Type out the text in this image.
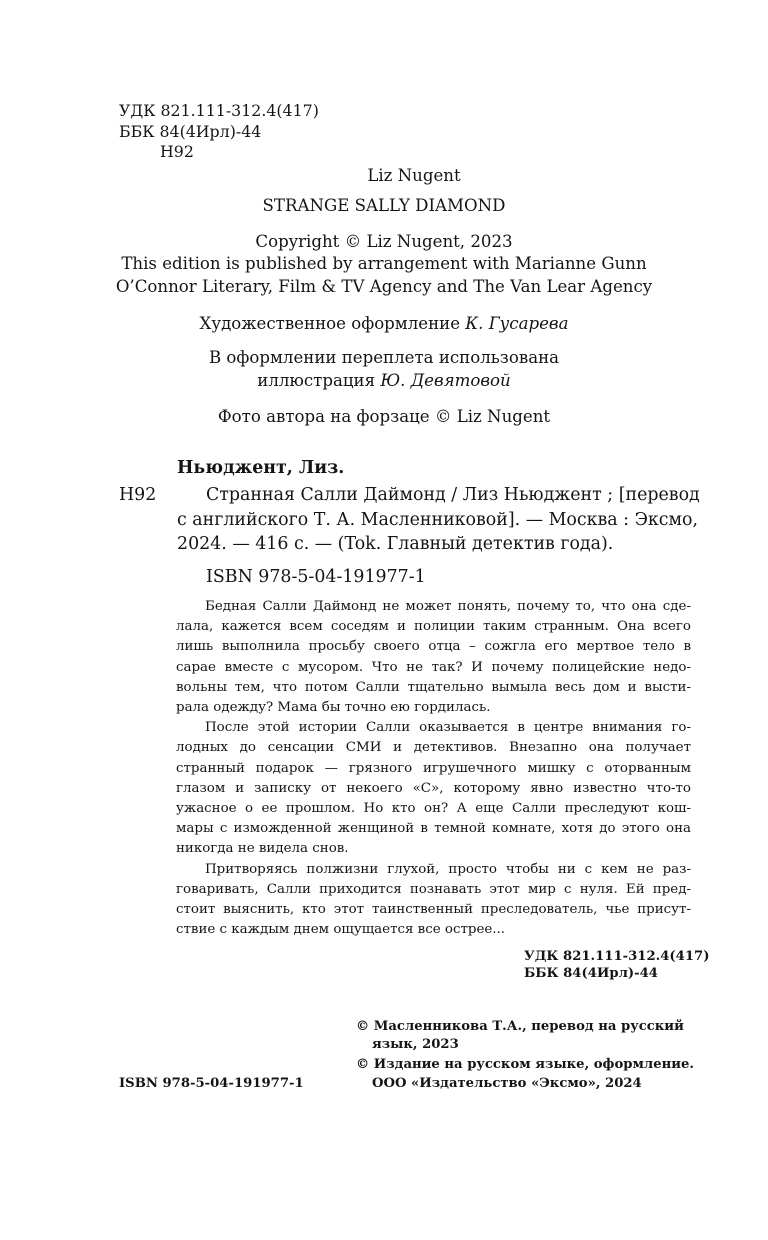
УДК 821.111-312.4(417)
ББК 84(4Ирл)-44
Н92
Liz Nugent
STRANGE SALLY DIAMOND
Copyright © Liz Nugent, 2023
This edition is published by arrangement with Marianne Gunn
O’Connor Literary, Film & TV Agency and The Van Lear Agency
Художественное оформление К. Гусарева
В оформлении переплета использована
иллюстрация Ю. Девятовой
Фото автора на форзаце © Liz Nugent
Ньюджент, Лиз.
Н92	Странная Салли Даймонд / Лиз Ньюджент ; [перевод
с английского Т. А. Масленниковой]. — Москва : Эксмо,
2024. — 416 с. — (Tok. Главный детектив года).
ISBN 978-5-04-191977-1
Бедная Салли Даймонд не может понять, почему то, что она сде-
лала, кажется всем соседям и полиции таким странным. Она всего
лишь выполнила просьбу своего отца – сожгла его мертвое тело в
сарае вместе с мусором. Что не так? И почему полицейские недо-
вольны тем, что потом Салли тщательно вымыла весь дом и высти-
рала одежду? Мама бы точно ею гордилась.
После этой истории Салли оказывается в центре внимания го-
лодных до сенсации СМИ и детективов. Внезапно она получает
странный подарок — грязного игрушечного мишку с оторванным
глазом и записку от некоего «С», которому явно известно что-то
ужасное о ее прошлом. Но кто он? А еще Салли преследуют кош-
мары с изможденной женщиной в темной комнате, хотя до этого она
никогда не видела снов.
Притворяясь полжизни глухой, просто чтобы ни с кем не раз-
говаривать, Салли приходится познавать этот мир с нуля. Ей пред-
стоит выяснить, кто этот таинственный преследователь, чье присут-
ствие с каждым днем ощущается все острее...
УДК 821.111-312.4(417)
ББК 84(4Ирл)-44
© Масленникова Т.А., перевод на русский
язык, 2023
© Издание на русском языке, оформление.
ООО «Издательство «Эксмо», 2024
ISBN 978-5-04-191977-1
